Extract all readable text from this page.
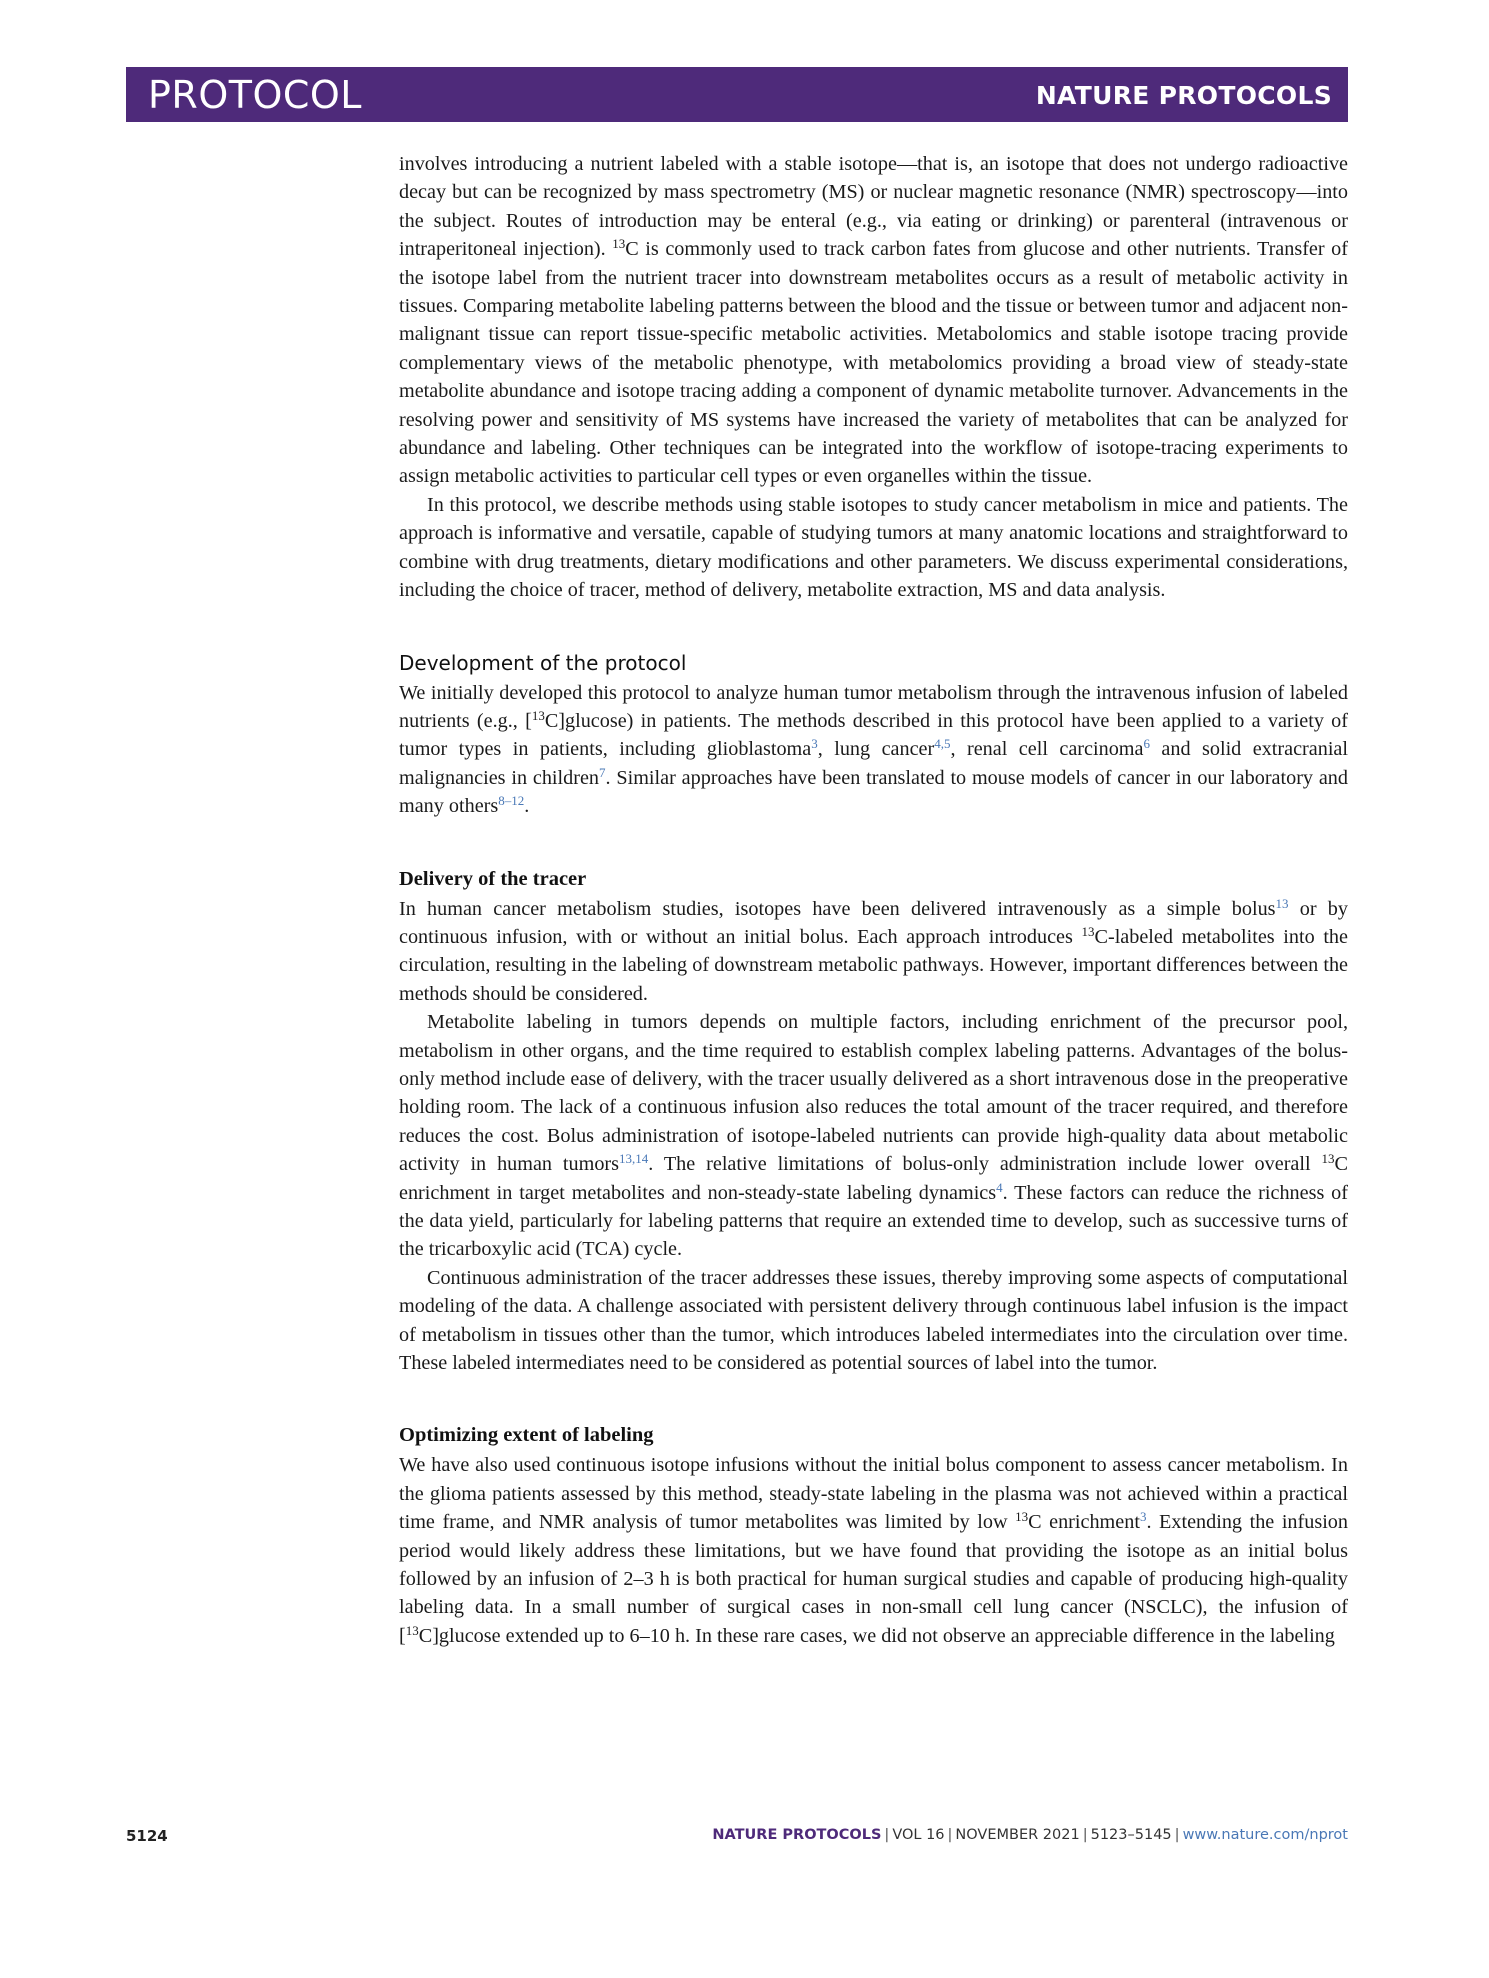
PROTOCOL	NATURE PROTOCOLS

involves introducing a nutrient labeled with a stable isotope—that is, an isotope that does not undergo radioactive decay but can be recognized by mass spectrometry (MS) or nuclear magnetic resonance (NMR) spectroscopy—into the subject. Routes of introduction may be enteral (e.g., via eating or drinking) or parenteral (intravenous or intraperitoneal injection). $^{13}$C is commonly used to track carbon fates from glucose and other nutrients. Transfer of the isotope label from the nutrient tracer into downstream metabolites occurs as a result of metabolic activity in tissues. Comparing metabolite labeling patterns between the blood and the tissue or between tumor and adjacent non-malignant tissue can report tissue-specific metabolic activities. Metabolomics and stable isotope tracing provide complementary views of the metabolic phenotype, with metabolomics providing a broad view of steady-state metabolite abundance and isotope tracing adding a component of dynamic metabolite turnover. Advancements in the resolving power and sensitivity of MS systems have increased the variety of metabolites that can be analyzed for abundance and labeling. Other techniques can be integrated into the workflow of isotope-tracing experiments to assign metabolic activities to particular cell types or even organelles within the tissue.

In this protocol, we describe methods using stable isotopes to study cancer metabolism in mice and patients. The approach is informative and versatile, capable of studying tumors at many anatomic locations and straightforward to combine with drug treatments, dietary modifications and other parameters. We discuss experimental considerations, including the choice of tracer, method of delivery, metabolite extraction, MS and data analysis.

Development of the protocol

We initially developed this protocol to analyze human tumor metabolism through the intravenous infusion of labeled nutrients (e.g., [$^{13}$C]glucose) in patients. The methods described in this protocol have been applied to a variety of tumor types in patients, including glioblastoma$^3$, lung cancer$^{4,5}$, renal cell carcinoma$^6$ and solid extracranial malignancies in children$^7$. Similar approaches have been translated to mouse models of cancer in our laboratory and many others$^{8-12}$.

Delivery of the tracer

In human cancer metabolism studies, isotopes have been delivered intravenously as a simple bolus$^{13}$ or by continuous infusion, with or without an initial bolus. Each approach introduces $^{13}$C-labeled metabolites into the circulation, resulting in the labeling of downstream metabolic pathways. However, important differences between the methods should be considered.

Metabolite labeling in tumors depends on multiple factors, including enrichment of the precursor pool, metabolism in other organs, and the time required to establish complex labeling patterns. Advantages of the bolus-only method include ease of delivery, with the tracer usually delivered as a short intravenous dose in the preoperative holding room. The lack of a continuous infusion also reduces the total amount of the tracer required, and therefore reduces the cost. Bolus administration of isotope-labeled nutrients can provide high-quality data about metabolic activity in human tumors$^{13,14}$. The relative limitations of bolus-only administration include lower overall $^{13}$C enrichment in target metabolites and non-steady-state labeling dynamics$^4$. These factors can reduce the richness of the data yield, particularly for labeling patterns that require an extended time to develop, such as successive turns of the tricarboxylic acid (TCA) cycle.

Continuous administration of the tracer addresses these issues, thereby improving some aspects of computational modeling of the data. A challenge associated with persistent delivery through continuous label infusion is the impact of metabolism in tissues other than the tumor, which introduces labeled intermediates into the circulation over time. These labeled intermediates need to be considered as potential sources of label into the tumor.

Optimizing extent of labeling

We have also used continuous isotope infusions without the initial bolus component to assess cancer metabolism. In the glioma patients assessed by this method, steady-state labeling in the plasma was not achieved within a practical time frame, and NMR analysis of tumor metabolites was limited by low $^{13}$C enrichment$^3$. Extending the infusion period would likely address these limitations, but we have found that providing the isotope as an initial bolus followed by an infusion of 2–3 h is both practical for human surgical studies and capable of producing high-quality labeling data. In a small number of surgical cases in non-small cell lung cancer (NSCLC), the infusion of [$^{13}$C]glucose extended up to 6–10 h. In these rare cases, we did not observe an appreciable difference in the labeling

5124	NATURE PROTOCOLS | VOL 16 | NOVEMBER 2021 | 5123–5145 | www.nature.com/nprot
